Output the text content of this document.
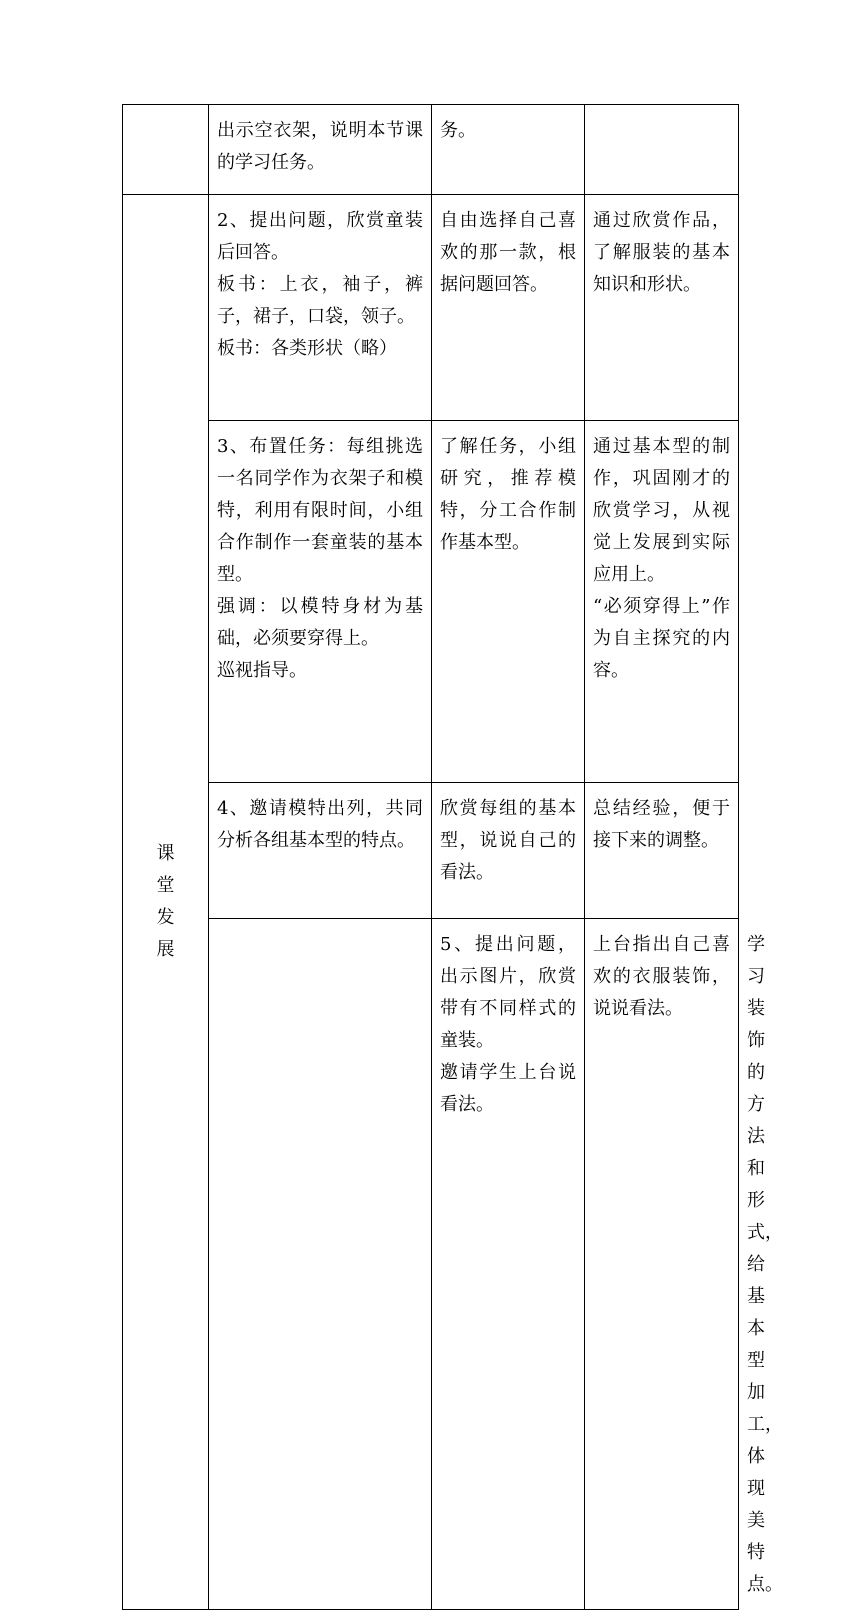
	出示空衣架，说明本节课的学习任务。	务。		

课堂发展	2、提出问题，欣赏童装后回答。
板书：上衣，袖子，裤子，裙子，口袋，领子。
板书：各类形状（略）	自由选择自己喜欢的那一款，根据问题回答。	通过欣赏作品，了解服装的基本知识和形状。	

	3、布置任务：每组挑选一名同学作为衣架子和模特，利用有限时间，小组合作制作一套童装的基本型。
强调：以模特身材为基础，必须要穿得上。
巡视指导。	了解任务，小组研究，推荐模特，分工合作制作基本型。	通过基本型的制作，巩固刚才的欣赏学习，从视觉上发展到实际应用上。
“必须穿得上”作为自主探究的内容。	

	4、邀请模特出列，共同分析各组基本型的特点。	欣赏每组的基本型，说说自己的看法。	总结经验，便于接下来的调整。	

		5、提出问题，出示图片，欣赏带有不同样式的童装。
邀请学生上台说看法。	上台指出自己喜欢的衣服装饰，说说看法。	学习装饰的方法和形式，给基本型加工，体现美特点。
